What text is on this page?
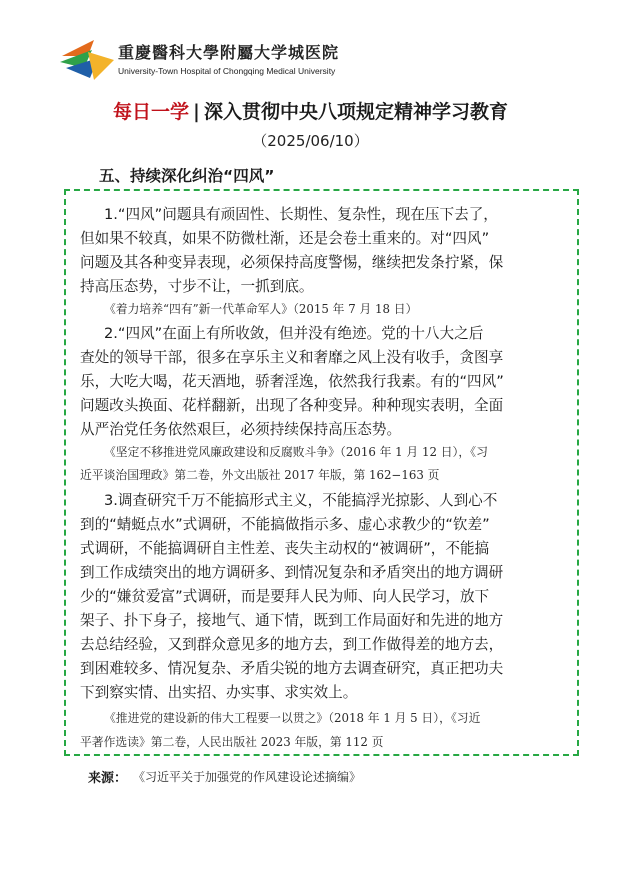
重慶醫科大學附屬大学城医院
University-Town Hospital of Chongqing Medical University
每日一学 | 深入贯彻中央八项规定精神学习教育
（2025/06/10）
五、持续深化纠治“四风”
1.“四风”问题具有顽固性、长期性、复杂性，现在压下去了，
但如果不较真，如果不防微杜渐，还是会卷土重来的。对“四风”
问题及其各种变异表现，必须保持高度警惕，继续把发条拧紧，保
持高压态势，寸步不让，一抓到底。
《着力培养“四有”新一代革命军人》（2015 年 7 月 18 日）
2.“四风”在面上有所收敛，但并没有绝迹。党的十八大之后
查处的领导干部，很多在享乐主义和奢靡之风上没有收手，贪图享
乐，大吃大喝，花天酒地，骄奢淫逸，依然我行我素。有的“四风”
问题改头换面、花样翻新，出现了各种变异。种种现实表明，全面
从严治党任务依然艰巨，必须持续保持高压态势。
《坚定不移推进党风廉政建设和反腐败斗争》（2016 年 1 月 12 日），《习
近平谈治国理政》第二卷，外文出版社 2017 年版，第 162−163 页
3.调查研究千万不能搞形式主义，不能搞浮光掠影、人到心不
到的“蜻蜓点水”式调研，不能搞做指示多、虚心求教少的“钦差”
式调研，不能搞调研自主性差、丧失主动权的“被调研”，不能搞
到工作成绩突出的地方调研多、到情况复杂和矛盾突出的地方调研
少的“嫌贫爱富”式调研，而是要拜人民为师、向人民学习，放下
架子、扑下身子，接地气、通下情，既到工作局面好和先进的地方
去总结经验，又到群众意见多的地方去，到工作做得差的地方去，
到困难较多、情况复杂、矛盾尖锐的地方去调查研究，真正把功夫
下到察实情、出实招、办实事、求实效上。
《推进党的建设新的伟大工程要一以贯之》（2018 年 1 月 5 日），《习近
平著作选读》第二卷，人民出版社 2023 年版，第 112 页
来源： 《习近平关于加强党的作风建设论述摘编》
